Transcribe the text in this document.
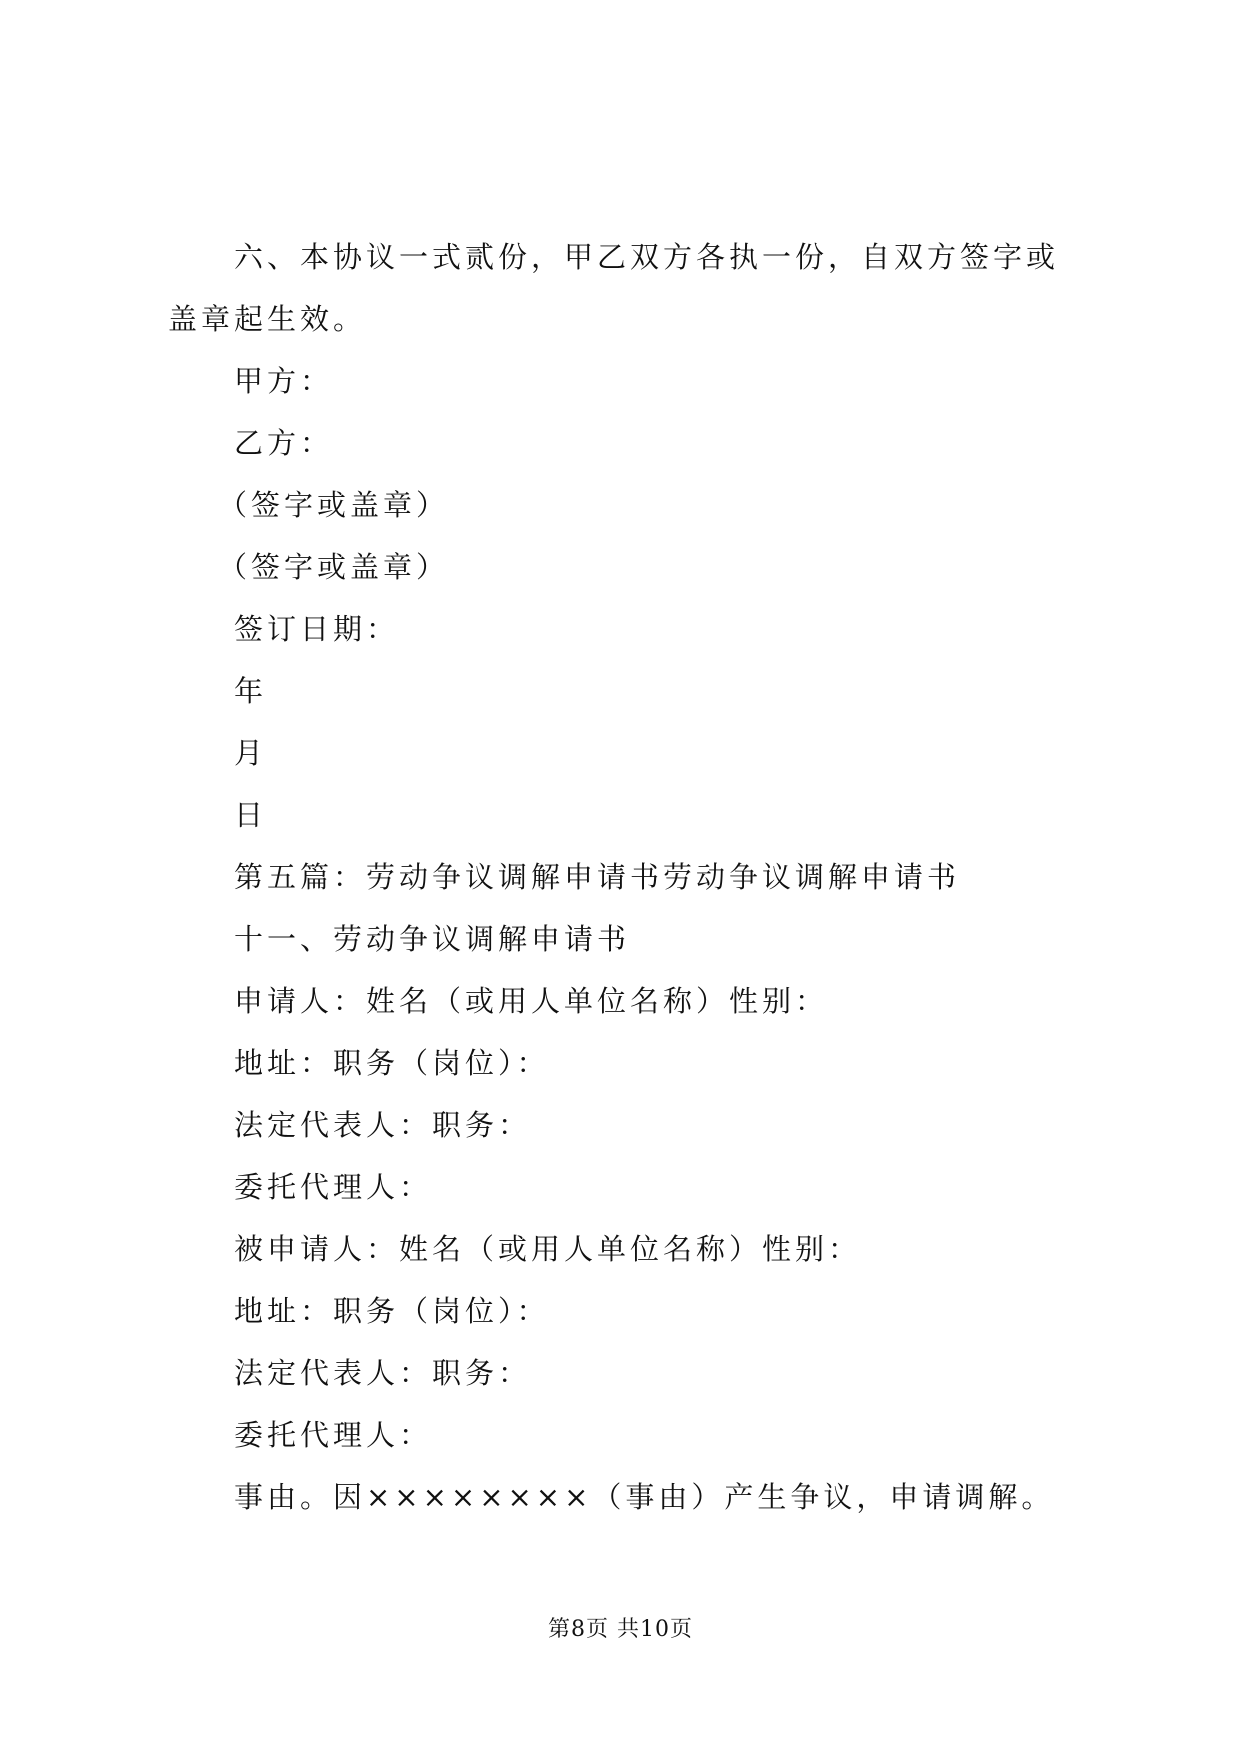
六、本协议一式贰份，甲乙双方各执一份，自双方签字或盖章起生效。

甲方：

乙方：

（签字或盖章）

（签字或盖章）

签订日期：

年

月

日

第五篇：劳动争议调解申请书劳动争议调解申请书

十一、劳动争议调解申请书

申请人：姓名（或用人单位名称）性别：

地址：职务（岗位）：

法定代表人：职务：

委托代理人：

被申请人：姓名（或用人单位名称）性别：

地址：职务（岗位）：

法定代表人：职务：

委托代理人：

事由。因××××××××（事由）产生争议，申请调解。

第8页 共10页
